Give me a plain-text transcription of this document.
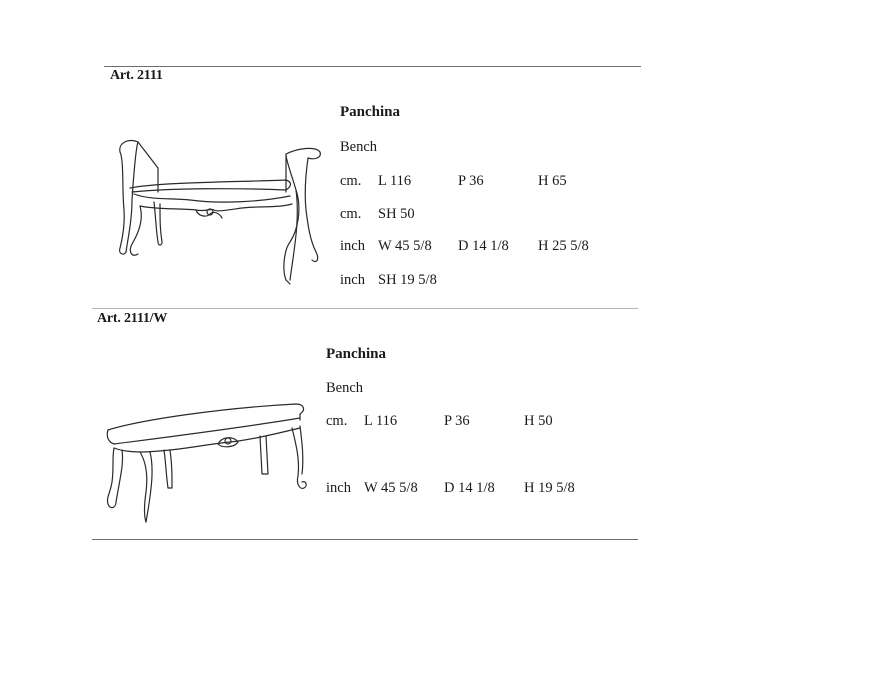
Art. 2111
Panchina
Bench
cm. L 116	P 36	H 65
cm. SH 50
inch W 45 5/8 D 14 1/8 H 25 5/8
inch SH 19 5/8
Art. 2111/W
Panchina
Bench
cm. L 116	P 36	H 50
inch W 45 5/8 D 14 1/8 H 19 5/8
